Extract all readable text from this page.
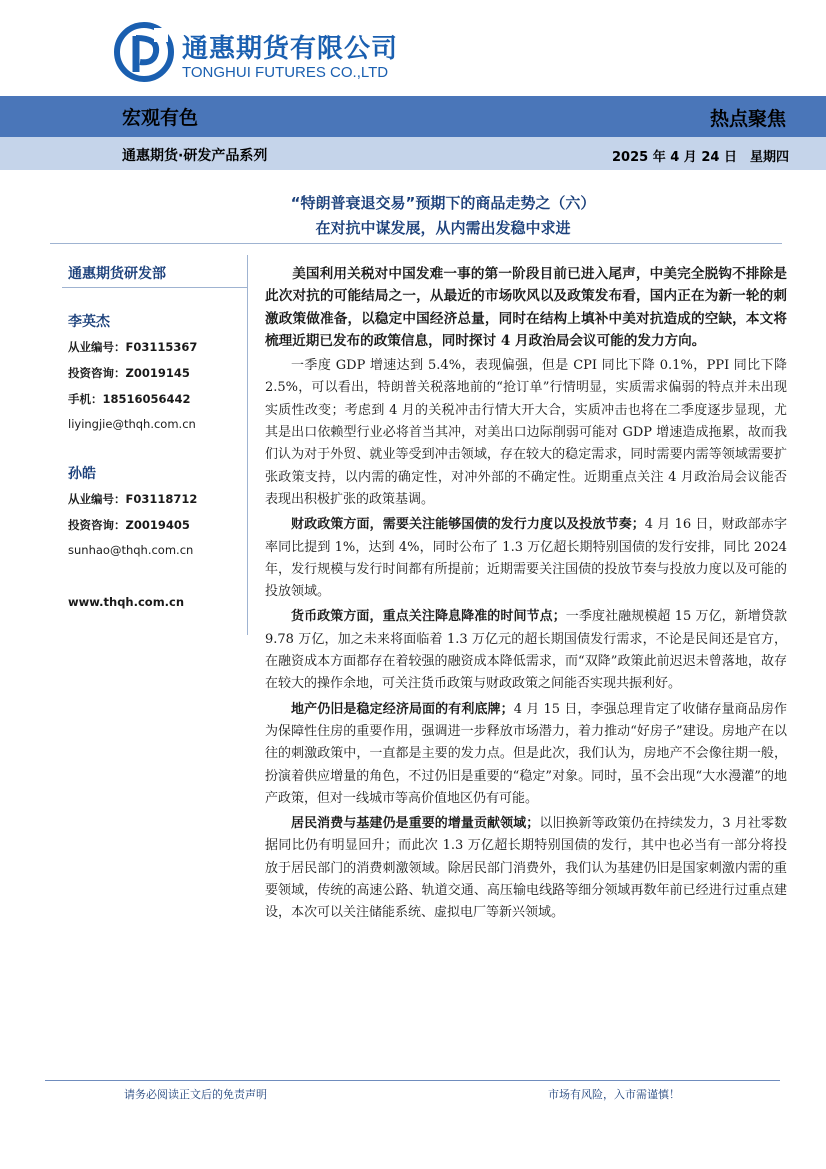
通惠期货有限公司
TONGHUI FUTURES CO.,LTD
宏观有色	热点聚焦
通惠期货·研发产品系列	2025 年 4 月 24 日 星期四
“特朗普衰退交易”预期下的商品走势之（六）
在对抗中谋发展，从内需出发稳中求进
通惠期货研发部
李英杰
从业编号：F03115367
投资咨询：Z0019145
手机：18516056442
liyingjie@thqh.com.cn
孙皓
从业编号：F03118712
投资咨询：Z0019405
sunhao@thqh.com.cn
www.thqh.com.cn

美国利用关税对中国发难一事的第一阶段目前已进入尾声，中美完全脱钩不排除是此次对抗的可能结局之一，从最近的市场吹风以及政策发布看，国内正在为新一轮的刺激政策做准备，以稳定中国经济总量，同时在结构上填补中美对抗造成的空缺，本文将梳理近期已发布的政策信息，同时探讨 4 月政治局会议可能的发力方向。

一季度 GDP 增速达到 5.4%，表现偏强，但是 CPI 同比下降 0.1%，PPI 同比下降 2.5%，可以看出，特朗普关税落地前的“抢订单”行情明显，实质需求偏弱的特点并未出现实质性改变；考虑到 4 月的关税冲击行情大开大合，实质冲击也将在二季度逐步显现，尤其是出口依赖型行业必将首当其冲，对美出口边际削弱可能对 GDP 增速造成拖累，故而我们认为对于外贸、就业等受到冲击领域，存在较大的稳定需求，同时需要内需等领域需要扩张政策支持，以内需的确定性，对冲外部的不确定性。近期重点关注 4 月政治局会议能否表现出积极扩张的政策基调。

财政政策方面，需要关注能够国债的发行力度以及投放节奏；4 月 16 日，财政部赤字率同比提到 1%，达到 4%，同时公布了 1.3 万亿超长期特别国债的发行安排，同比 2024 年，发行规模与发行时间都有所提前；近期需要关注国债的投放节奏与投放力度以及可能的投放领域。

货币政策方面，重点关注降息降准的时间节点；一季度社融规模超 15 万亿，新增贷款 9.78 万亿，加之未来将面临着 1.3 万亿元的超长期国债发行需求，不论是民间还是官方，在融资成本方面都存在着较强的融资成本降低需求，而“双降”政策此前迟迟未曾落地，故存在较大的操作余地，可关注货币政策与财政政策之间能否实现共振利好。

地产仍旧是稳定经济局面的有利底牌；4 月 15 日，李强总理肯定了收储存量商品房作为保障性住房的重要作用，强调进一步释放市场潜力，着力推动“好房子”建设。房地产在以往的刺激政策中，一直都是主要的发力点。但是此次，我们认为，房地产不会像往期一般，扮演着供应增量的角色，不过仍旧是重要的“稳定”对象。同时，虽不会出现“大水漫灌”的地产政策，但对一线城市等高价值地区仍有可能。

居民消费与基建仍是重要的增量贡献领域；以旧换新等政策仍在持续发力，3 月社零数据同比仍有明显回升；而此次 1.3 万亿超长期特别国债的发行，其中也必当有一部分将投放于居民部门的消费刺激领域。除居民部门消费外，我们认为基建仍旧是国家刺激内需的重要领域，传统的高速公路、轨道交通、高压输电线路等细分领域再数年前已经进行过重点建设，本次可以关注储能系统、虚拟电厂等新兴领域。

请务必阅读正文后的免责声明	市场有风险，入市需谨慎！
